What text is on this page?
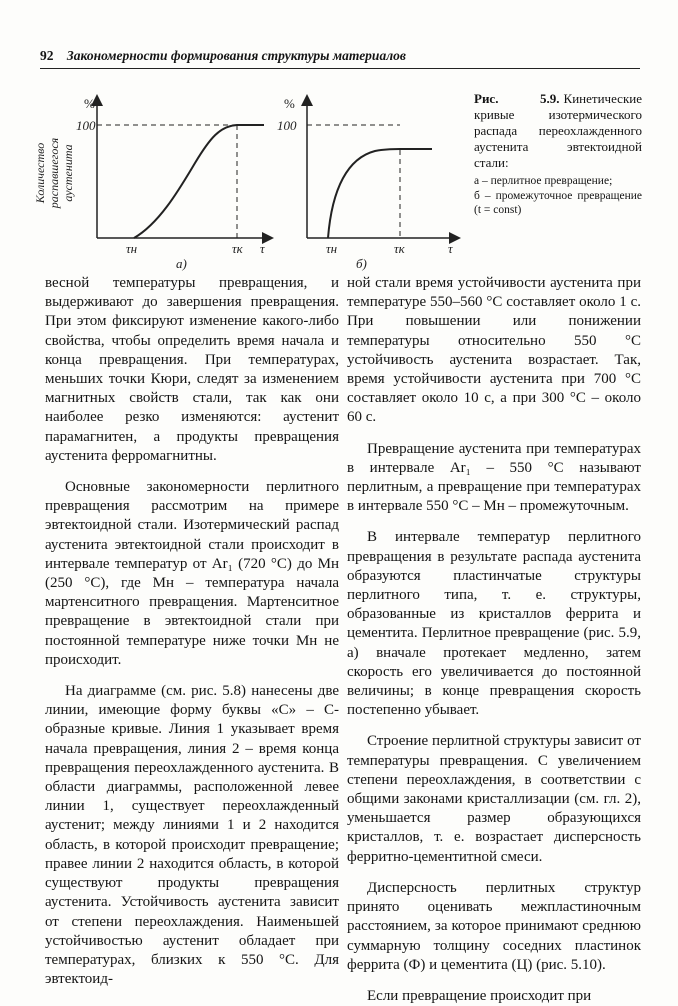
92 Закономерности формирования структуры материалов
Количество распавшегося аустенита
%
100
τн	τк τ
а)
%
100
τн	τк	τ
б)
Рис. 5.9. Кинетические кривые изотермического распада переохлажденного аустенита эвтектоидной стали:
а – перлитное превращение;
б – промежуточное превращение (t = const)

весной температуры превращения, и выдерживают до завершения превращения. При этом фиксируют изменение какого-либо свойства, чтобы определить время начала и конца превращения. При температурах, меньших точки Кюри, следят за изменением магнитных свойств стали, так как они наиболее резко изменяются: аустенит парамагнитен, а продукты превращения аустенита ферромагнитны.

Основные закономерности перлитного превращения рассмотрим на примере эвтектоидной стали. Изотермический распад аустенита эвтектоидной стали происходит в интервале температур от Ar₁ (720 °C) до Mн (250 °C), где Mн – температура начала мартенситного превращения. Мартенситное превращение в эвтектоидной стали при постоянной температуре ниже точки Mн не происходит.

На диаграмме (см. рис. 5.8) нанесены две линии, имеющие форму буквы «С» – С-образные кривые. Линия 1 указывает время начала превращения, линия 2 – время конца превращения переохлажденного аустенита. В области диаграммы, расположенной левее линии 1, существует переохлажденный аустенит; между линиями 1 и 2 находится область, в которой происходит превращение; правее линии 2 находится область, в которой существуют продукты превращения аустенита. Устойчивость аустенита зависит от степени переохлаждения. Наименьшей устойчивостью аустенит обладает при температурах, близких к 550 °C. Для эвтектоид-

ной стали время устойчивости аустенита при температуре 550–560 °C составляет около 1 с. При повышении или понижении температуры относительно 550 °C устойчивость аустенита возрастает. Так, время устойчивости аустенита при 700 °C составляет около 10 с, а при 300 °C – около 60 с.

Превращение аустенита при температурах в интервале Ar₁ – 550 °C называют перлитным, а превращение при температурах в интервале 550 °C – Mн – промежуточным.

В интервале температур перлитного превращения в результате распада аустенита образуются пластинчатые структуры перлитного типа, т. е. структуры, образованные из кристаллов феррита и цементита. Перлитное превращение (рис. 5.9, а) вначале протекает медленно, затем скорость его увеличивается до постоянной величины; в конце превращения скорость постепенно убывает.

Строение перлитной структуры зависит от температуры превращения. С увеличением степени переохлаждения, в соответствии с общими законами кристаллизации (см. гл. 2), уменьшается размер образующихся кристаллов, т. е. возрастает дисперсность ферритно-цементитной смеси.

Дисперсность перлитных структур принято оценивать межпластиночным расстоянием, за которое принимают среднюю суммарную толщину соседних пластинок феррита (Ф) и цементита (Ц) (рис. 5.10).

Если превращение происходит при
